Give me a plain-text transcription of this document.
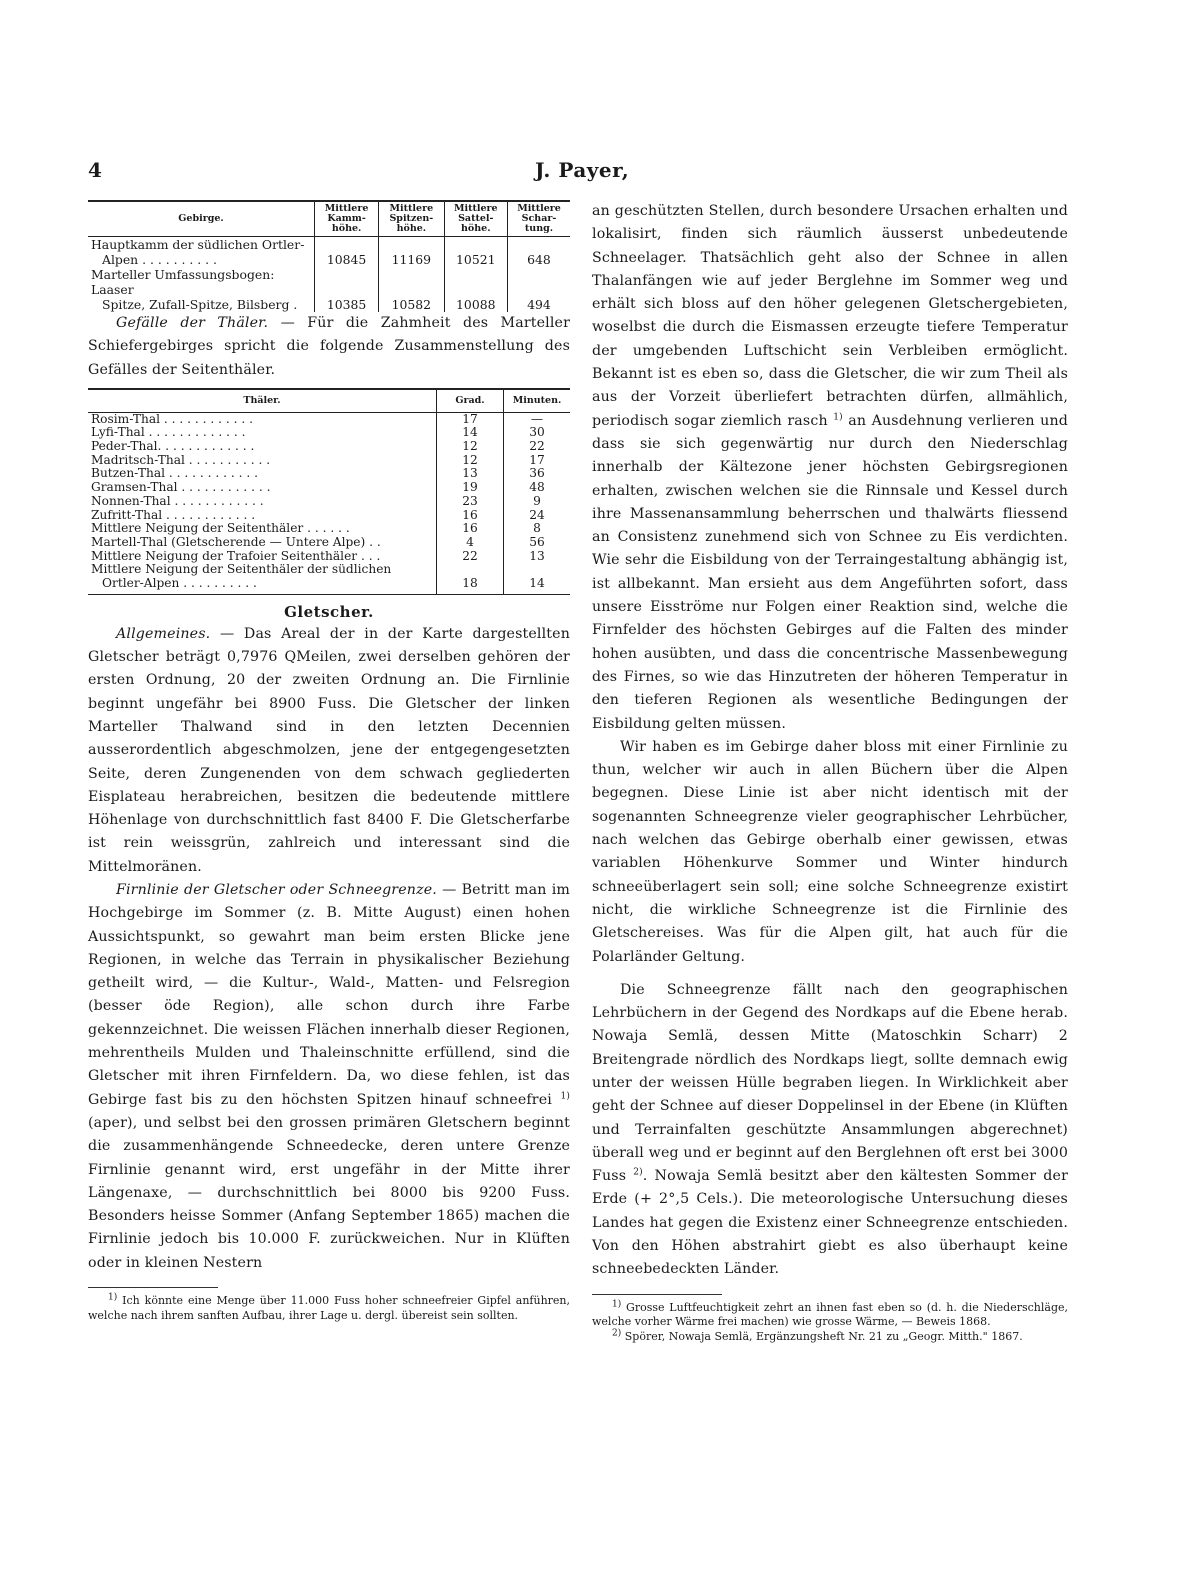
4	J. Payer,
Gebirge.	Mittlere Kamm-höhe.	Mittlere Spitzen-höhe.	Mittlere Sattel-höhe.	Mittlere Schar-tung.
Hauptkamm der südlichen Ortler-				
Alpen . . . . . . . . . .	10845	11169	10521	648
Marteller Umfassungsbogen: Laaser				
Spitze, Zufall-Spitze, Bilsberg .	10385	10582	10088	494

Gefälle der Thäler. — Für die Zahmheit des Marteller Schiefergebirges spricht die folgende Zusammenstellung des Gefälles der Seitenthäler.

Thäler.	Grad.	Minuten.
Rosim-Thal . . . . . . . . . . . .	17	—
Lyfi-Thal . . . . . . . . . . . . .	14	30
Peder-Thal. . . . . . . . . . . . .	12	22
Madritsch-Thal . . . . . . . . . . .	12	17
Butzen-Thal . . . . . . . . . . . .	13	36
Gramsen-Thal . . . . . . . . . . . .	19	48
Nonnen-Thal . . . . . . . . . . . .	23	9
Zufritt-Thal . . . . . . . . . . . .	16	24
Mittlere Neigung der Seitenthäler . . . . . .	16	8
Martell-Thal (Gletscherende — Untere Alpe) . .	4	56
Mittlere Neigung der Trafoier Seitenthäler . . .	22	13
Mittlere Neigung der Seitenthäler der südlichen		
Ortler-Alpen . . . . . . . . . .	18	14
Gletscher.

Allgemeines. — Das Areal der in der Karte dargestellten Gletscher beträgt 0,7976 QMeilen, zwei derselben gehören der ersten Ordnung, 20 der zweiten Ordnung an. Die Firnlinie beginnt ungefähr bei 8900 Fuss. Die Gletscher der linken Marteller Thalwand sind in den letzten Decennien ausserordentlich abgeschmolzen, jene der entgegengesetzten Seite, deren Zungenenden von dem schwach gegliederten Eisplateau herabreichen, besitzen die bedeutende mittlere Höhenlage von durchschnittlich fast 8400 F. Die Gletscherfarbe ist rein weissgrün, zahlreich und interessant sind die Mittelmoränen.

Firnlinie der Gletscher oder Schneegrenze. — Betritt man im Hochgebirge im Sommer (z. B. Mitte August) einen hohen Aussichtspunkt, so gewahrt man beim ersten Blicke jene Regionen, in welche das Terrain in physikalischer Beziehung getheilt wird, — die Kultur-, Wald-, Matten- und Felsregion (besser öde Region), alle schon durch ihre Farbe gekennzeichnet. Die weissen Flächen innerhalb dieser Regionen, mehrentheils Mulden und Thaleinschnitte erfüllend, sind die Gletscher mit ihren Firnfeldern. Da, wo diese fehlen, ist das Gebirge fast bis zu den höchsten Spitzen hinauf schneefrei $^{1)}$ (aper), und selbst bei den grossen primären Gletschern beginnt die zusammenhängende Schneedecke, deren untere Grenze Firnlinie genannt wird, erst ungefähr in der Mitte ihrer Längenaxe, — durchschnittlich bei 8000 bis 9200 Fuss. Besonders heisse Sommer (Anfang September 1865) machen die Firnlinie jedoch bis 10.000 F. zurückweichen. Nur in Klüften oder in kleinen Nestern

$^{1)}$ Ich könnte eine Menge über 11.000 Fuss hoher schneefreier Gipfel anführen, welche nach ihrem sanften Aufbau, ihrer Lage u. dergl. übereist sein sollten.

an geschützten Stellen, durch besondere Ursachen erhalten und lokalisirt, finden sich räumlich äusserst unbedeutende Schneelager. Thatsächlich geht also der Schnee in allen Thalanfängen wie auf jeder Berglehne im Sommer weg und erhält sich bloss auf den höher gelegenen Gletschergebieten, woselbst die durch die Eismassen erzeugte tiefere Temperatur der umgebenden Luftschicht sein Verbleiben ermöglicht. Bekannt ist es eben so, dass die Gletscher, die wir zum Theil als aus der Vorzeit überliefert betrachten dürfen, allmählich, periodisch sogar ziemlich rasch $^{1)}$ an Ausdehnung verlieren und dass sie sich gegenwärtig nur durch den Niederschlag innerhalb der Kältezone jener höchsten Gebirgsregionen erhalten, zwischen welchen sie die Rinnsale und Kessel durch ihre Massenansammlung beherrschen und thalwärts fliessend an Consistenz zunehmend sich von Schnee zu Eis verdichten. Wie sehr die Eisbildung von der Terraingestaltung abhängig ist, ist allbekannt. Man ersieht aus dem Angeführten sofort, dass unsere Eisströme nur Folgen einer Reaktion sind, welche die Firnfelder des höchsten Gebirges auf die Falten des minder hohen ausübten, und dass die concentrische Massenbewegung des Firnes, so wie das Hinzutreten der höheren Temperatur in den tieferen Regionen als wesentliche Bedingungen der Eisbildung gelten müssen.

Wir haben es im Gebirge daher bloss mit einer Firnlinie zu thun, welcher wir auch in allen Büchern über die Alpen begegnen. Diese Linie ist aber nicht identisch mit der sogenannten Schneegrenze vieler geographischer Lehrbücher, nach welchen das Gebirge oberhalb einer gewissen, etwas variablen Höhenkurve Sommer und Winter hindurch schneeüberlagert sein soll; eine solche Schneegrenze existirt nicht, die wirkliche Schneegrenze ist die Firnlinie des Gletschereises. Was für die Alpen gilt, hat auch für die Polarländer Geltung.

Die Schneegrenze fällt nach den geographischen Lehrbüchern in der Gegend des Nordkaps auf die Ebene herab. Nowaja Semlä, dessen Mitte (Matoschkin Scharr) 2 Breitengrade nördlich des Nordkaps liegt, sollte demnach ewig unter der weissen Hülle begraben liegen. In Wirklichkeit aber geht der Schnee auf dieser Doppelinsel in der Ebene (in Klüften und Terrainfalten geschützte Ansammlungen abgerechnet) überall weg und er beginnt auf den Berglehnen oft erst bei 3000 Fuss $^{2)}$. Nowaja Semlä besitzt aber den kältesten Sommer der Erde (+ 2°,5 Cels.). Die meteorologische Untersuchung dieses Landes hat gegen die Existenz einer Schneegrenze entschieden. Von den Höhen abstrahirt giebt es also überhaupt keine schneebedeckten Länder.

$^{1)}$ Grosse Luftfeuchtigkeit zehrt an ihnen fast eben so (d. h. die Niederschläge, welche vorher Wärme frei machen) wie grosse Wärme, — Beweis 1868.

$^{2)}$ Spörer, Nowaja Semlä, Ergänzungsheft Nr. 21 zu „Geogr. Mitth." 1867.
